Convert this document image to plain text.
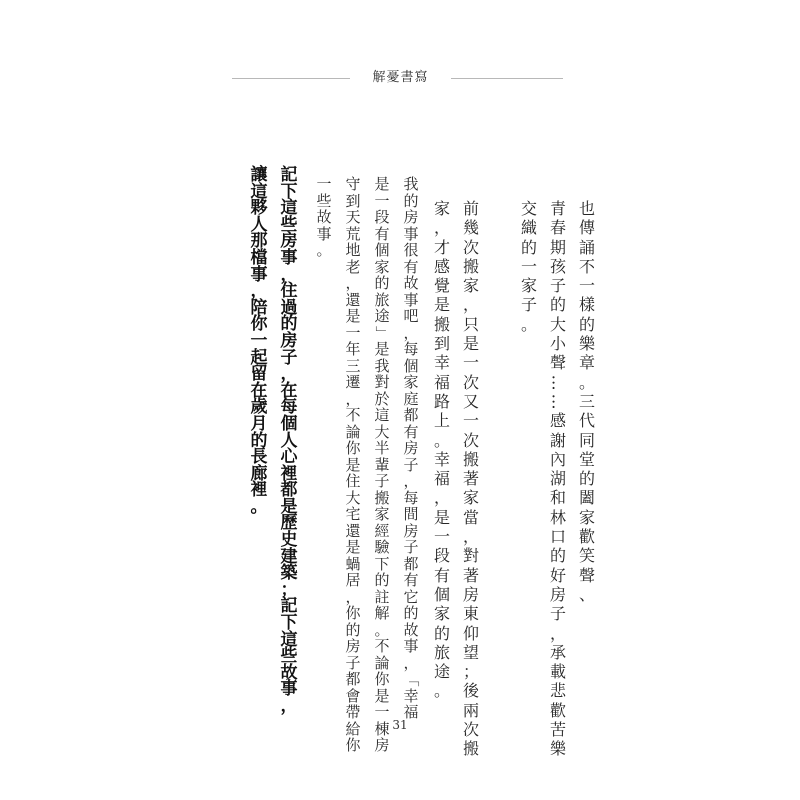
解憂書寫
也
傳
誦
不
一
樣
的
樂
章
。
三
代
同
堂
的
闔
家
歡
笑
聲
、
青
春
期
孩
子
的
大
小
聲
…
…
感
謝
內
湖
和
林
口
的
好
房
子
，
承
載
悲
歡
苦
樂
交
織
的
一
家
子
。
前
幾
次
搬
家
，
只
是
一
次
又
一
次
搬
著
家
當
，
對
著
房
東
仰
望
；
後
兩
次
搬
家
，
才
感
覺
是
搬
到
幸
福
路
上
。
幸
福
，
是
一
段
有
個
家
的
旅
途
。
我
的
房
事
很
有
故
事
吧
，
每
個
家
庭
都
有
房
子
，
每
間
房
子
都
有
它
的
故
事
，
「
幸
福
是
一
段
有
個
家
的
旅
途
」
是
我
對
於
這
大
半
輩
子
搬
家
經
驗
下
的
註
解
。
不
論
你
是
一
棟
房
守
到
天
荒
地
老
，
還
是
一
年
三
遷
，
不
論
你
是
住
大
宅
還
是
蝸
居
，
你
的
房
子
都
會
帶
給
你
一
些
故
事
。
記
下
這
些
房
事
，
住
過
的
房
子
，
在
每
個
人
心
裡
都
是
歷
史
建
築
；
記
下
這
些
故
事
，
讓
這
夥
人
那
檔
事
，
陪
你
一
起
留
在
歲
月
的
長
廊
裡
。
31
